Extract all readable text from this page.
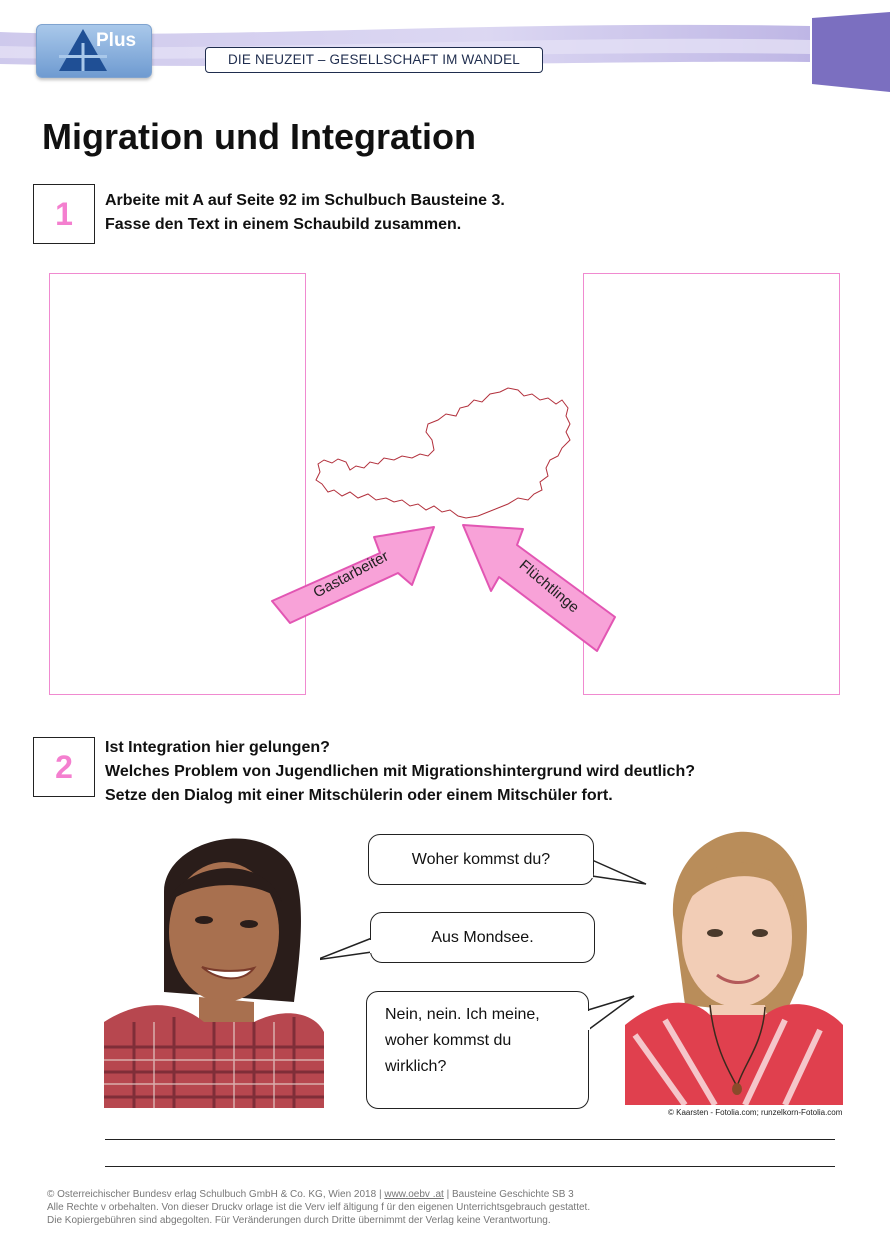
Plus
DIE NEUZEIT – GESELLSCHAFT IM WANDEL
Migration und Integration
1	Arbeite mit A auf Seite 92 im Schulbuch Bausteine 3.
Fasse den Text in einem Schaubild zusammen.
Gastarbeiter	Flüchtlinge
2
Ist Integration hier gelungen?
Welches Problem von Jugendlichen mit Migrationshintergrund wird deutlich?
Setze den Dialog mit einer Mitschülerin oder einem Mitschüler fort.
Woher kommst du?
Aus Mondsee.
Nein, nein. Ich meine,
woher kommst du
wirklich?
© Kaarsten - Fotolia.com; runzelkorn-Fotolia.com
© Osterreichischer Bundesv erlag Schulbuch GmbH & Co. KG, Wien 2018 | www.oebv .at | Bausteine Geschichte SB 3
Alle Rechte v orbehalten. Von dieser Druckv orlage ist die Verv ielf ältigung f ür den eigenen Unterrichtsgebrauch gestattet.
Die Kopiergebühren sind abgegolten. Für Veränderungen durch Dritte übernimmt der Verlag keine Verantwortung.
